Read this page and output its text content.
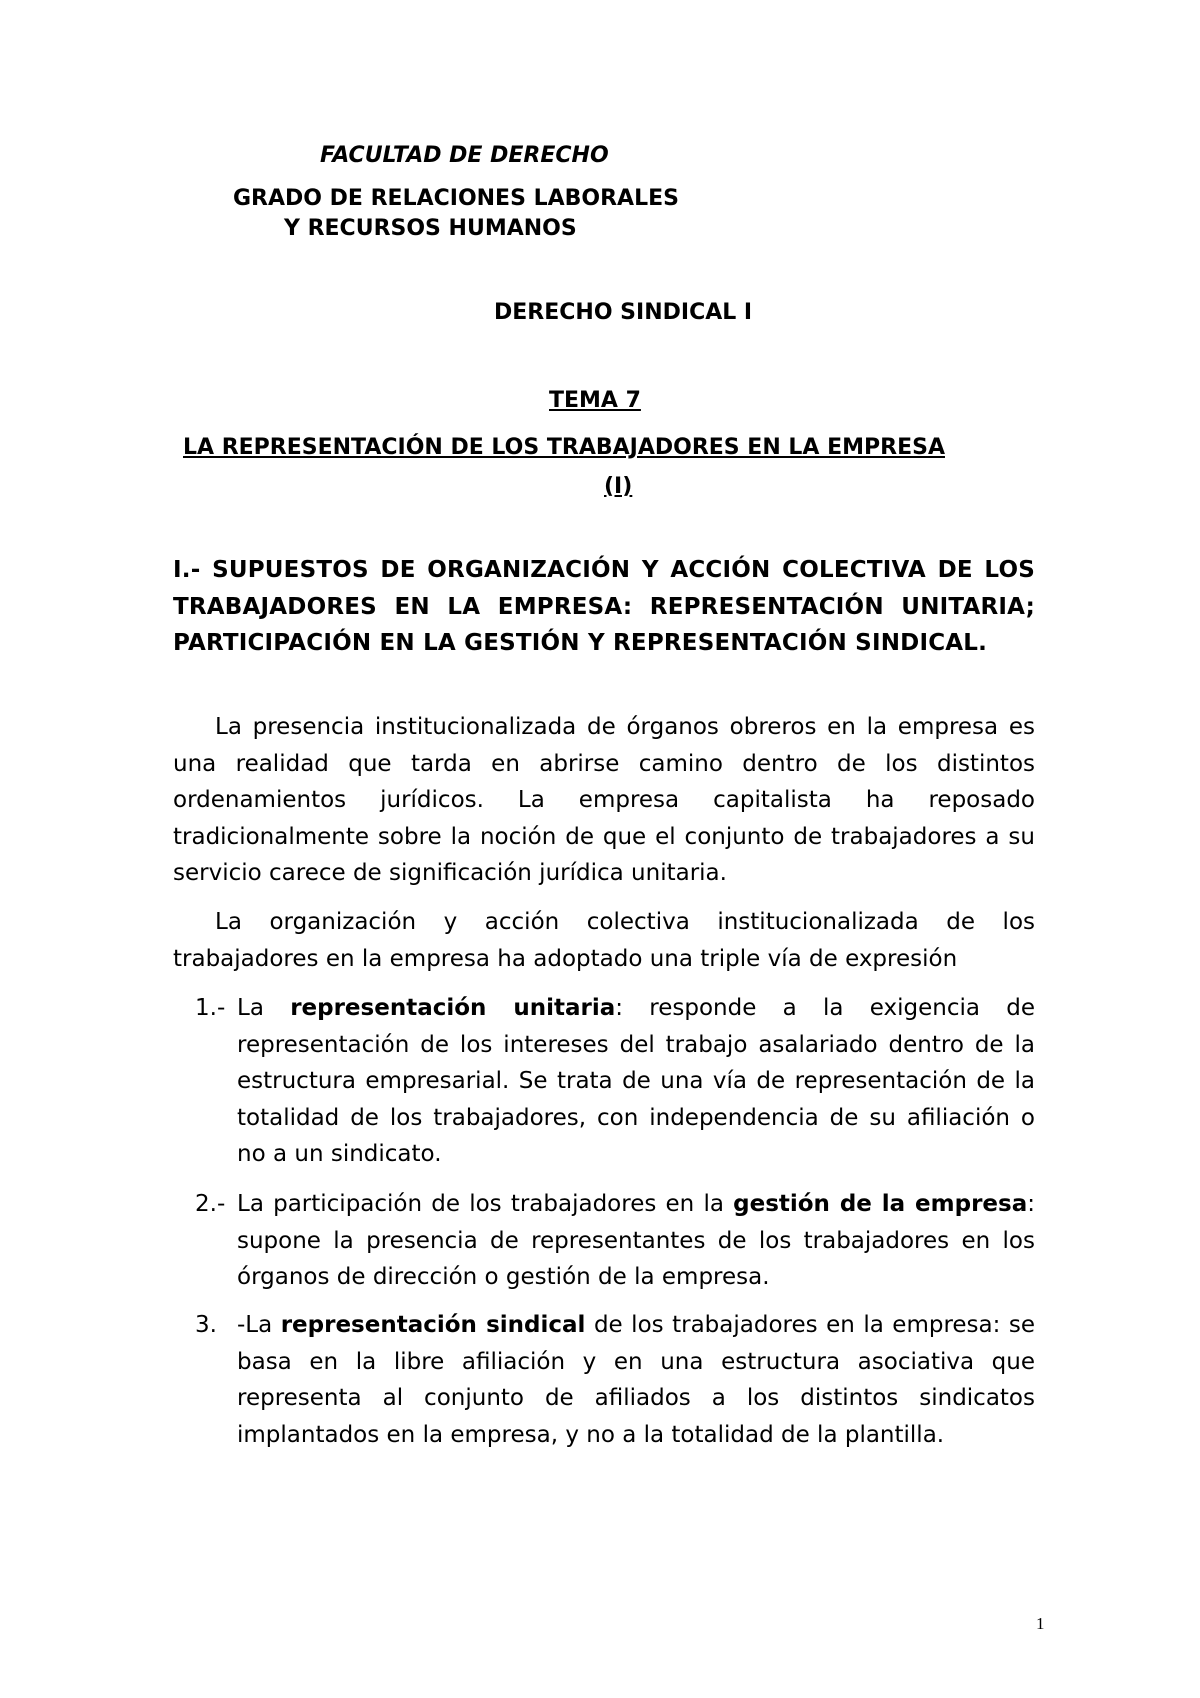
FACULTAD DE DERECHO
GRADO DE RELACIONES LABORALES
Y RECURSOS HUMANOS
DERECHO SINDICAL I
TEMA 7
LA REPRESENTACIÓN DE LOS TRABAJADORES EN LA EMPRESA
(I)

I.- SUPUESTOS DE ORGANIZACIÓN Y ACCIÓN COLECTIVA DE LOS TRABAJADORES EN LA EMPRESA: REPRESENTACIÓN UNITARIA; PARTICIPACIÓN EN LA GESTIÓN Y REPRESENTACIÓN SINDICAL.

La presencia institucionalizada de órganos obreros en la empresa es una realidad que tarda en abrirse camino dentro de los distintos ordenamientos jurídicos. La empresa capitalista ha reposado tradicionalmente sobre la noción de que el conjunto de trabajadores a su servicio carece de significación jurídica unitaria.

La organización y acción colectiva institucionalizada de los trabajadores en la empresa ha adoptado una triple vía de expresión

1.- La representación unitaria: responde a la exigencia de representación de los intereses del trabajo asalariado dentro de la estructura empresarial. Se trata de una vía de representación de la totalidad de los trabajadores, con independencia de su afiliación o no a un sindicato.
2.- La participación de los trabajadores en la gestión de la empresa: supone la presencia de representantes de los trabajadores en los órganos de dirección o gestión de la empresa.
3. -La representación sindical de los trabajadores en la empresa: se basa en la libre afiliación y en una estructura asociativa que representa al conjunto de afiliados a los distintos sindicatos implantados en la empresa, y no a la totalidad de la plantilla.
1
